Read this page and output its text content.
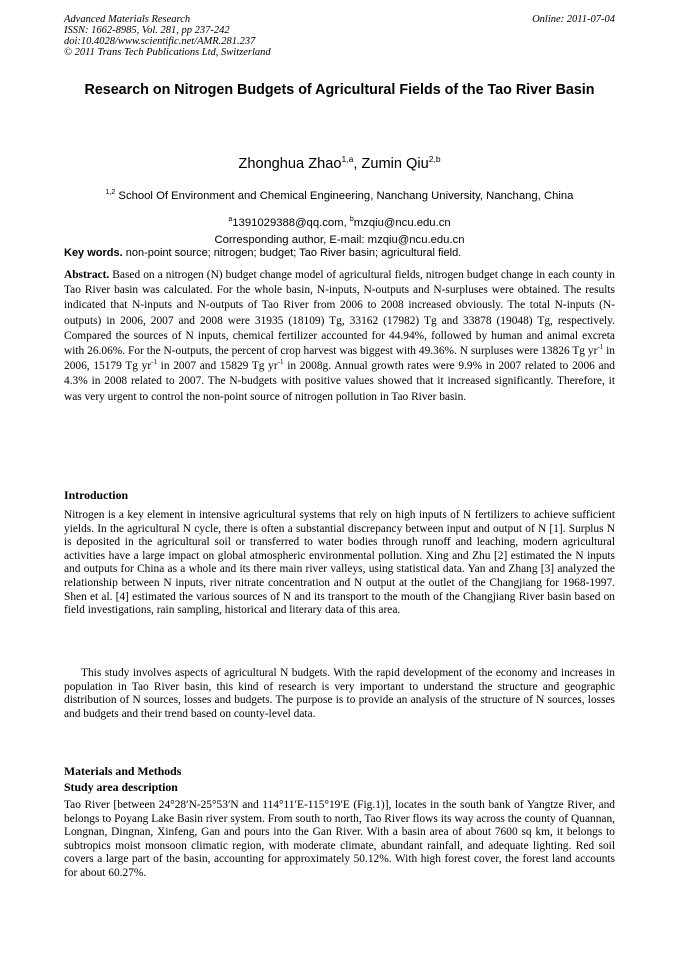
Advanced Materials Research
ISSN: 1662-8985, Vol. 281, pp 237-242
doi:10.4028/www.scientific.net/AMR.281.237
© 2011 Trans Tech Publications Ltd, Switzerland
Online: 2011-07-04
Research on Nitrogen Budgets of Agricultural Fields of the Tao River Basin
Zhonghua Zhao$^{1,a}$, Zumin Qiu$^{2,b}$
$^{1,2}$ School Of Environment and Chemical Engineering, Nanchang University, Nanchang, China
$^a$1391029388@qq.com, $^b$mzqiu@ncu.edu.cn
Corresponding author, E-mail: mzqiu@ncu.edu.cn
Key words. non-point source; nitrogen; budget; Tao River basin; agricultural field.
Abstract. Based on a nitrogen (N) budget change model of agricultural fields, nitrogen budget change in each county in Tao River basin was calculated. For the whole basin, N-inputs, N-outputs and N-surpluses were obtained. The results indicated that N-inputs and N-outputs of Tao River from 2006 to 2008 increased obviously. The total N-inputs (N-outputs) in 2006, 2007 and 2008 were 31935 (18109) Tg, 33162 (17982) Tg and 33878 (19048) Tg, respectively. Compared the sources of N inputs, chemical fertilizer accounted for 44.94%, followed by human and animal excreta with 26.06%. For the N-outputs, the percent of crop harvest was biggest with 49.36%. N surpluses were 13826 Tg $yr^{-1}$ in 2006, 15179 Tg $yr^{-1}$ in 2007 and 15829 Tg $yr^{-1}$ in 2008g. Annual growth rates were 9.9% in 2007 related to 2006 and 4.3% in 2008 related to 2007. The N-budgets with positive values showed that it increased significantly. Therefore, it was very urgent to control the non-point source of nitrogen pollution in Tao River basin.
Introduction
Nitrogen is a key element in intensive agricultural systems that rely on high inputs of N fertilizers to achieve sufficient yields. In the agricultural N cycle, there is often a substantial discrepancy between input and output of N [1]. Surplus N is deposited in the agricultural soil or transferred to water bodies through runoff and leaching, modern agricultural activities have a large impact on global atmospheric environmental pollution. Xing and Zhu [2] estimated the N inputs and outputs for China as a whole and its there main river valleys, using statistical data. Yan and Zhang [3] analyzed the relationship between N inputs, river nitrate concentration and N output at the outlet of the Changjiang for 1968-1997. Shen et al. [4] estimated the various sources of N and its transport to the mouth of the Changjiang River basin based on field investigations, rain sampling, historical and literary data of this area.
This study involves aspects of agricultural N budgets. With the rapid development of the economy and increases in population in Tao River basin, this kind of research is very important to understand the structure and geographic distribution of N sources, losses and budgets. The purpose is to provide an analysis of the structure of N sources, losses and budgets and their trend based on county-level data.
Materials and Methods
Study area description
Tao River [between 24°28′N-25°53′N and 114°11′E-115°19′E (Fig.1)], locates in the south bank of Yangtze River, and belongs to Poyang Lake Basin river system. From south to north, Tao River flows its way across the county of Quannan, Longnan, Dingnan, Xinfeng, Gan and pours into the Gan River. With a basin area of about 7600 sq km, it belongs to subtropics moist monsoon climatic region, with moderate climate, abundant rainfall, and adequate lighting. Red soil covers a large part of the basin, accounting for approximately 50.12%. With high forest cover, the forest land accounts for about 60.27%.
